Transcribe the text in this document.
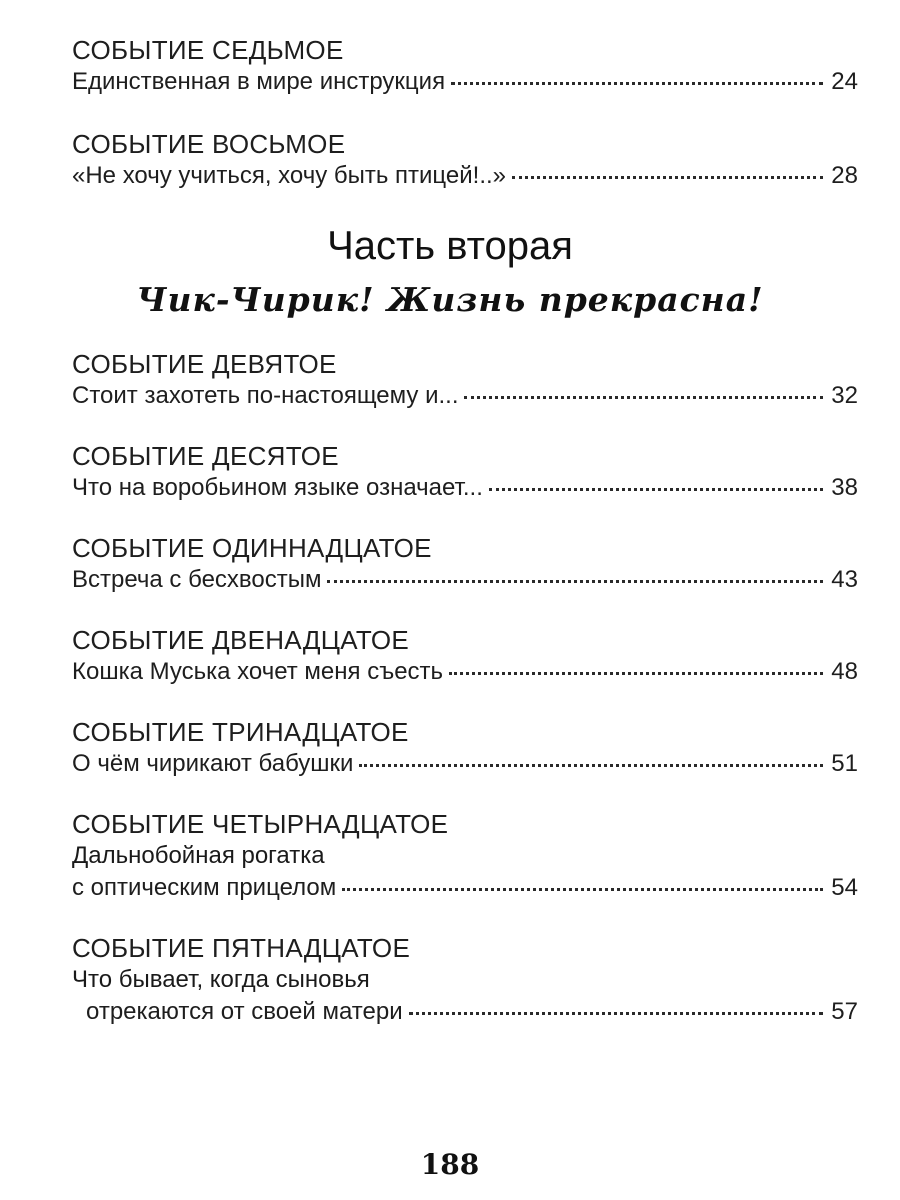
СОБЫТИЕ СЕДЬМОЕ
Единственная в мире инструкция	24
СОБЫТИЕ ВОСЬМОЕ
«Не хочу учиться, хочу быть птицей!..»	28
Часть вторая
Чик-Чирик! Жизнь прекрасна!
СОБЫТИЕ ДЕВЯТОЕ
Стоит захотеть по-настоящему и...	32
СОБЫТИЕ ДЕСЯТОЕ
Что на воробьином языке означает...	38
СОБЫТИЕ ОДИННАДЦАТОЕ
Встреча с бесхвостым	43
СОБЫТИЕ ДВЕНАДЦАТОЕ
Кошка Муська хочет меня съесть	48
СОБЫТИЕ ТРИНАДЦАТОЕ
О чём чирикают бабушки	51
СОБЫТИЕ ЧЕТЫРНАДЦАТОЕ
Дальнобойная рогатка
с оптическим прицелом	54
СОБЫТИЕ ПЯТНАДЦАТОЕ
Что бывает, когда сыновья
отрекаются от своей матери	57
188
